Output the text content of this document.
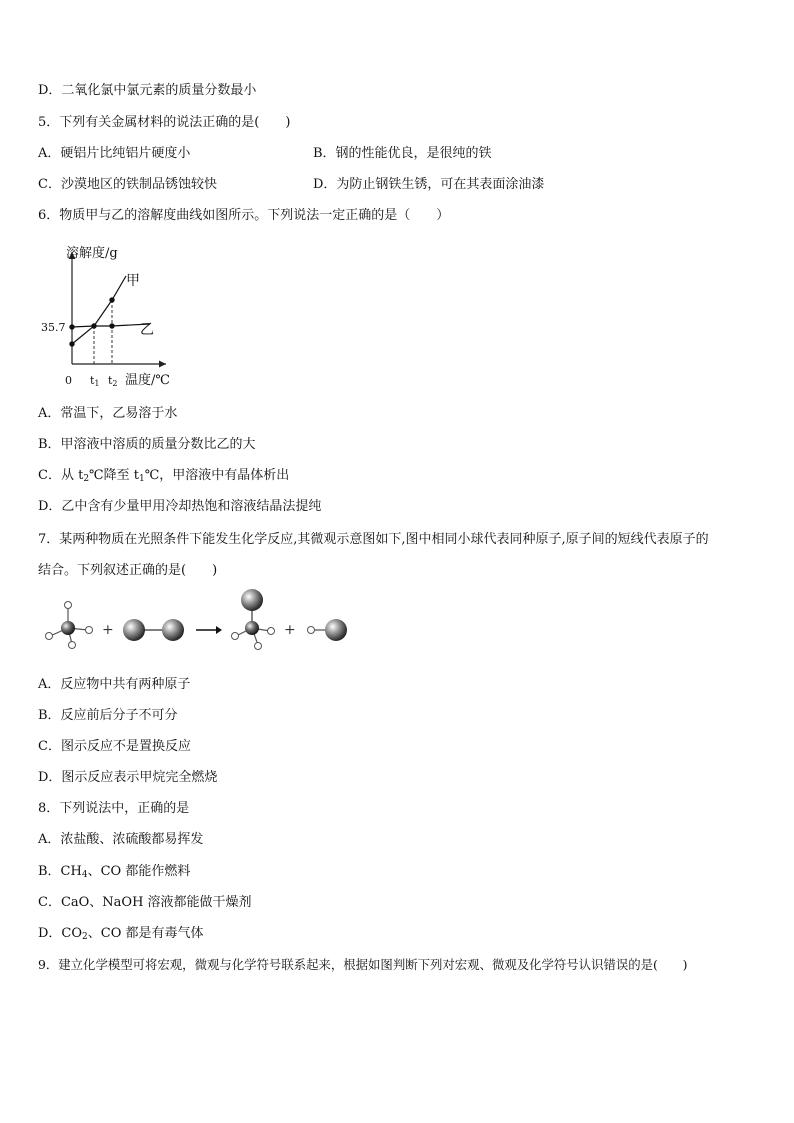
D．二氧化氯中氯元素的质量分数最小
5．下列有关金属材料的说法正确的是(　　)
A．硬铝片比纯铝片硬度小	B．钢的性能优良，是很纯的铁
C．沙漠地区的铁制品锈蚀较快	D．为防止钢铁生锈，可在其表面涂油漆
6．物质甲与乙的溶解度曲线如图所示。下列说法一定正确的是（　　）
溶解度/g
0
35.7
甲
乙
t1 t2 温度/℃
A．常温下，乙易溶于水
B．甲溶液中溶质的质量分数比乙的大
C．从 $t_2℃$降至 $t_1℃$，甲溶液中有晶体析出
D．乙中含有少量甲用冷却热饱和溶液结晶法提纯
7．某两种物质在光照条件下能发生化学反应,其微观示意图如下,图中相同小球代表同种原子,原子间的短线代表原子的
结合。下列叙述正确的是(　　)
+	+
A．反应物中共有两种原子
B．反应前后分子不可分
C．图示反应不是置换反应
D．图示反应表示甲烷完全燃烧
8．下列说法中，正确的是
A．浓盐酸、浓硫酸都易挥发
B．$CH_4$、CO 都能作燃料
C．CaO、NaOH 溶液都能做干燥剂
D．$CO_2$、CO 都是有毒气体
9．建立化学模型可将宏观，微观与化学符号联系起来，根据如图判断下列对宏观、微观及化学符号认识错误的是(　　)
